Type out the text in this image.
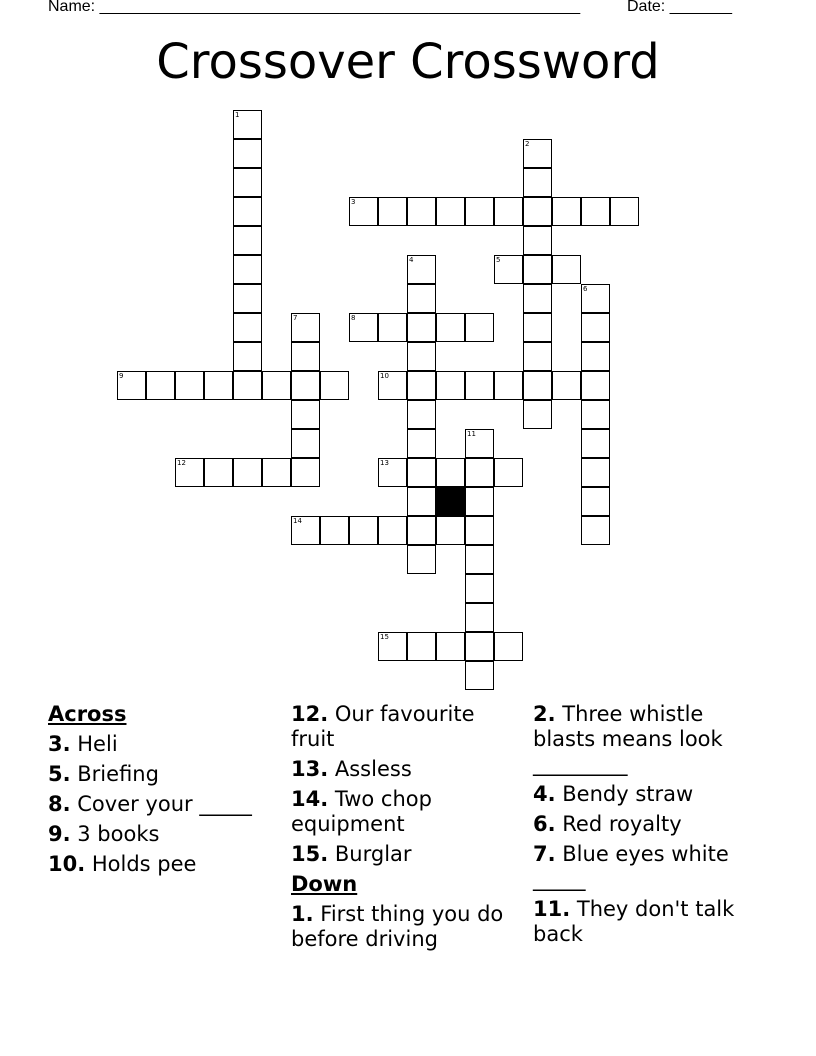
Name: ______________________________________________________	Date: _______
Crossover Crossword
1
2
3
4	5
6
7	8
9	10
11
12	13
14
15
Across
3. Heli
5. Briefing
8. Cover your _____
9. 3 books
10. Holds pee
12. Our favourite fruit
13. Assless
14. Two chop equipment
15. Burglar
Down
1. First thing you do before driving
2. Three whistle blasts means look _________
4. Bendy straw
6. Red royalty
7. Blue eyes white _____
11. They don't talk back
